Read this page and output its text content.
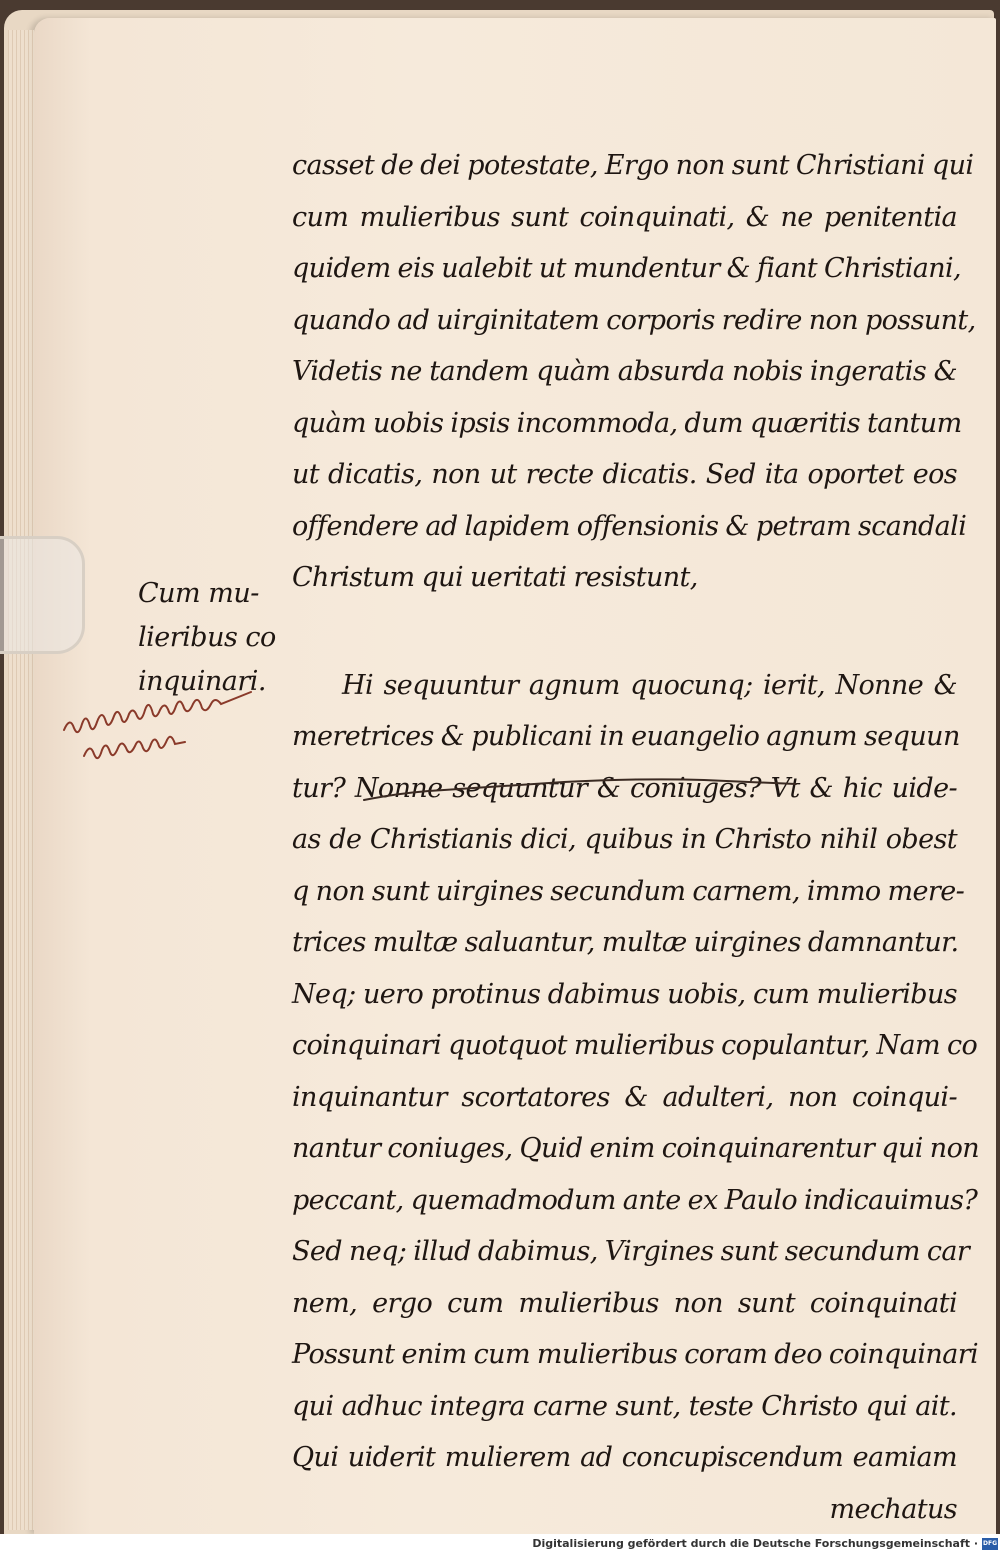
casset de dei potestate, Ergo non sunt Christiani qui
cum mulieribus sunt coinquinati, & ne penitentia
quidem eis ualebit ut mundentur & fiant Christiani,
quando ad uirginitatem corporis redire non possunt,
Videtis ne tandem quàm absurda nobis ingeratis &
quàm uobis ipsis incommoda, dum quæritis tantum
ut dicatis, non ut recte dicatis. Sed ita oportet eos
offendere ad lapidem offensionis & petram scandali
Christum qui ueritati resistunt,
Hi sequuntur agnum quocunq; ierit, Nonne &
meretrices & publicani in euangelio agnum sequun
tur? Nonne sequuntur & coniuges? Vt & hic uide-
as de Christianis dici, quibus in Christo nihil obest
q non sunt uirgines secundum carnem, immo mere-
trices multæ saluantur, multæ uirgines damnantur.
Neq; uero protinus dabimus uobis, cum mulieribus
coinquinari quotquot mulieribus copulantur, Nam co
inquinantur scortatores & adulteri, non coinqui-
nantur coniuges, Quid enim coinquinarentur qui non
peccant, quemadmodum ante ex Paulo indicauimus?
Sed neq; illud dabimus, Virgines sunt secundum car
nem, ergo cum mulieribus non sunt coinquinati
Possunt enim cum mulieribus coram deo coinquinari
qui adhuc integra carne sunt, teste Christo qui ait.
Qui uiderit mulierem ad concupiscendum eamiam
mechatus
Cum mu-
lieribus co
inquinari.
Digitalisierung gefördert durch die Deutsche Forschungsgemeinschaft · DFG
